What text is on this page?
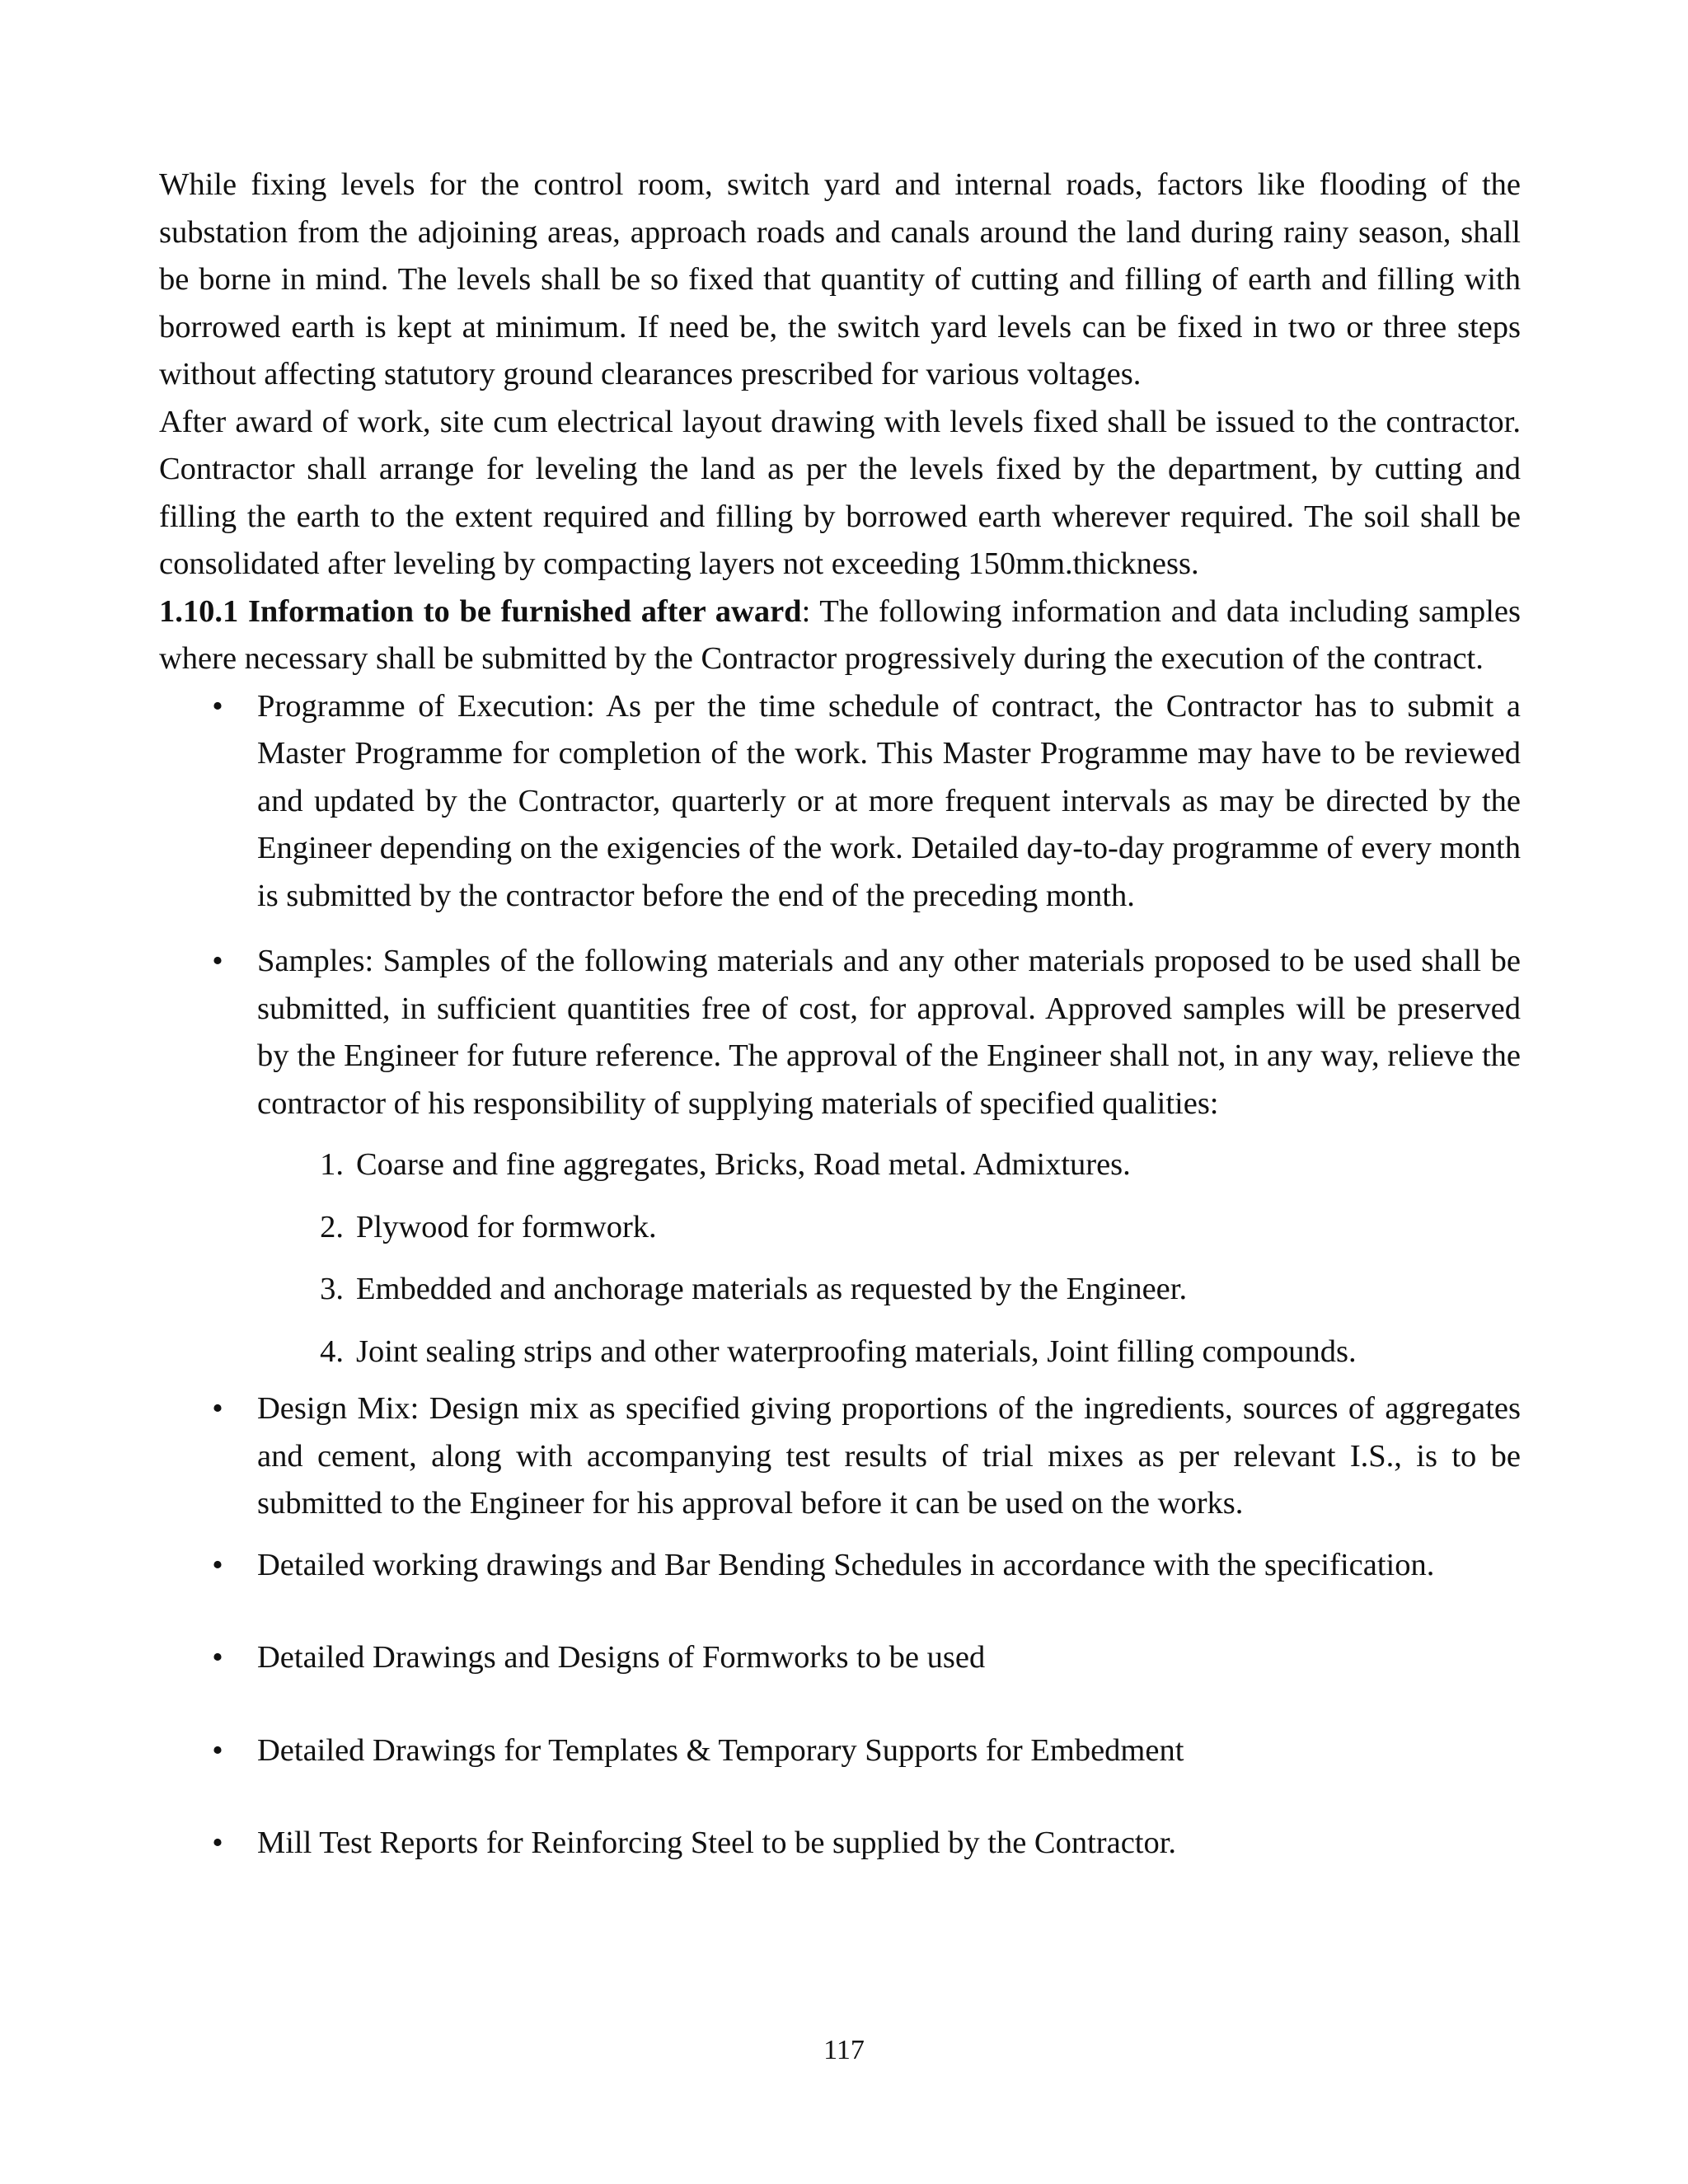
While fixing levels for the control room, switch yard and internal roads, factors like flooding of the substation from the adjoining areas, approach roads and canals around the land during rainy season, shall be borne in mind. The levels shall be so fixed that quantity of cutting and filling of earth and filling with borrowed earth is kept at minimum. If need be, the switch yard levels can be fixed in two or three steps without affecting statutory ground clearances prescribed for various voltages.

After award of work, site cum electrical layout drawing with levels fixed shall be issued to the contractor. Contractor shall arrange for leveling the land as per the levels fixed by the department, by cutting and filling the earth to the extent required and filling by borrowed earth wherever required. The soil shall be consolidated after leveling by compacting layers not exceeding 150mm.thickness.

1.10.1 Information to be furnished after award: The following information and data including samples where necessary shall be submitted by the Contractor progressively during the execution of the contract.

• Programme of Execution: As per the time schedule of contract, the Contractor has to submit a Master Programme for completion of the work. This Master Programme may have to be reviewed and updated by the Contractor, quarterly or at more frequent intervals as may be directed by the Engineer depending on the exigencies of the work. Detailed day-to-day programme of every month is submitted by the contractor before the end of the preceding month.
• Samples: Samples of the following materials and any other materials proposed to be used shall be submitted, in sufficient quantities free of cost, for approval. Approved samples will be preserved by the Engineer for future reference. The approval of the Engineer shall not, in any way, relieve the contractor of his responsibility of supplying materials of specified qualities:
1. Coarse and fine aggregates, Bricks, Road metal. Admixtures.
2. Plywood for formwork.
3. Embedded and anchorage materials as requested by the Engineer.
4. Joint sealing strips and other waterproofing materials, Joint filling compounds.
• Design Mix: Design mix as specified giving proportions of the ingredients, sources of aggregates and cement, along with accompanying test results of trial mixes as per relevant I.S., is to be submitted to the Engineer for his approval before it can be used on the works.
• Detailed working drawings and Bar Bending Schedules in accordance with the specification.
• Detailed Drawings and Designs of Formworks to be used
• Detailed Drawings for Templates & Temporary Supports for Embedment
• Mill Test Reports for Reinforcing Steel to be supplied by the Contractor.
117
